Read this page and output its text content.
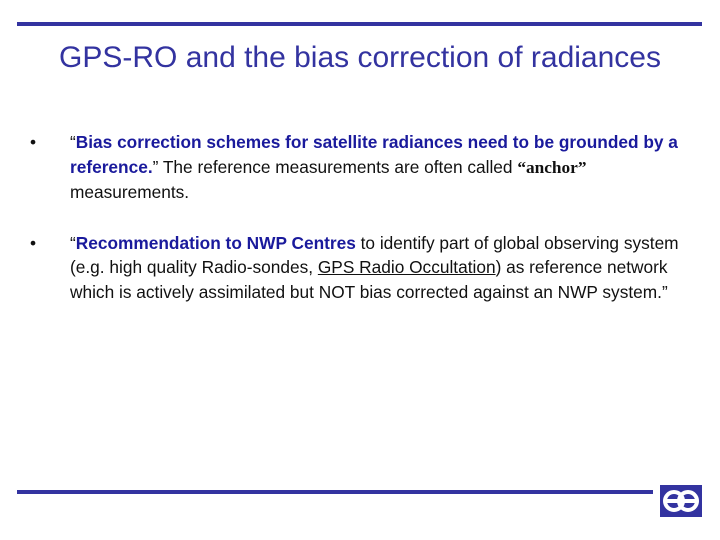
GPS-RO and the bias correction of radiances
• “Bias correction schemes for satellite radiances need to be grounded by a reference.” The reference measurements are often called “anchor” measurements.
• “Recommendation to NWP Centres to identify part of global observing system (e.g. high quality Radio-sondes, GPS Radio Occultation) as reference network which is actively assimilated but NOT bias corrected against an NWP system.”
